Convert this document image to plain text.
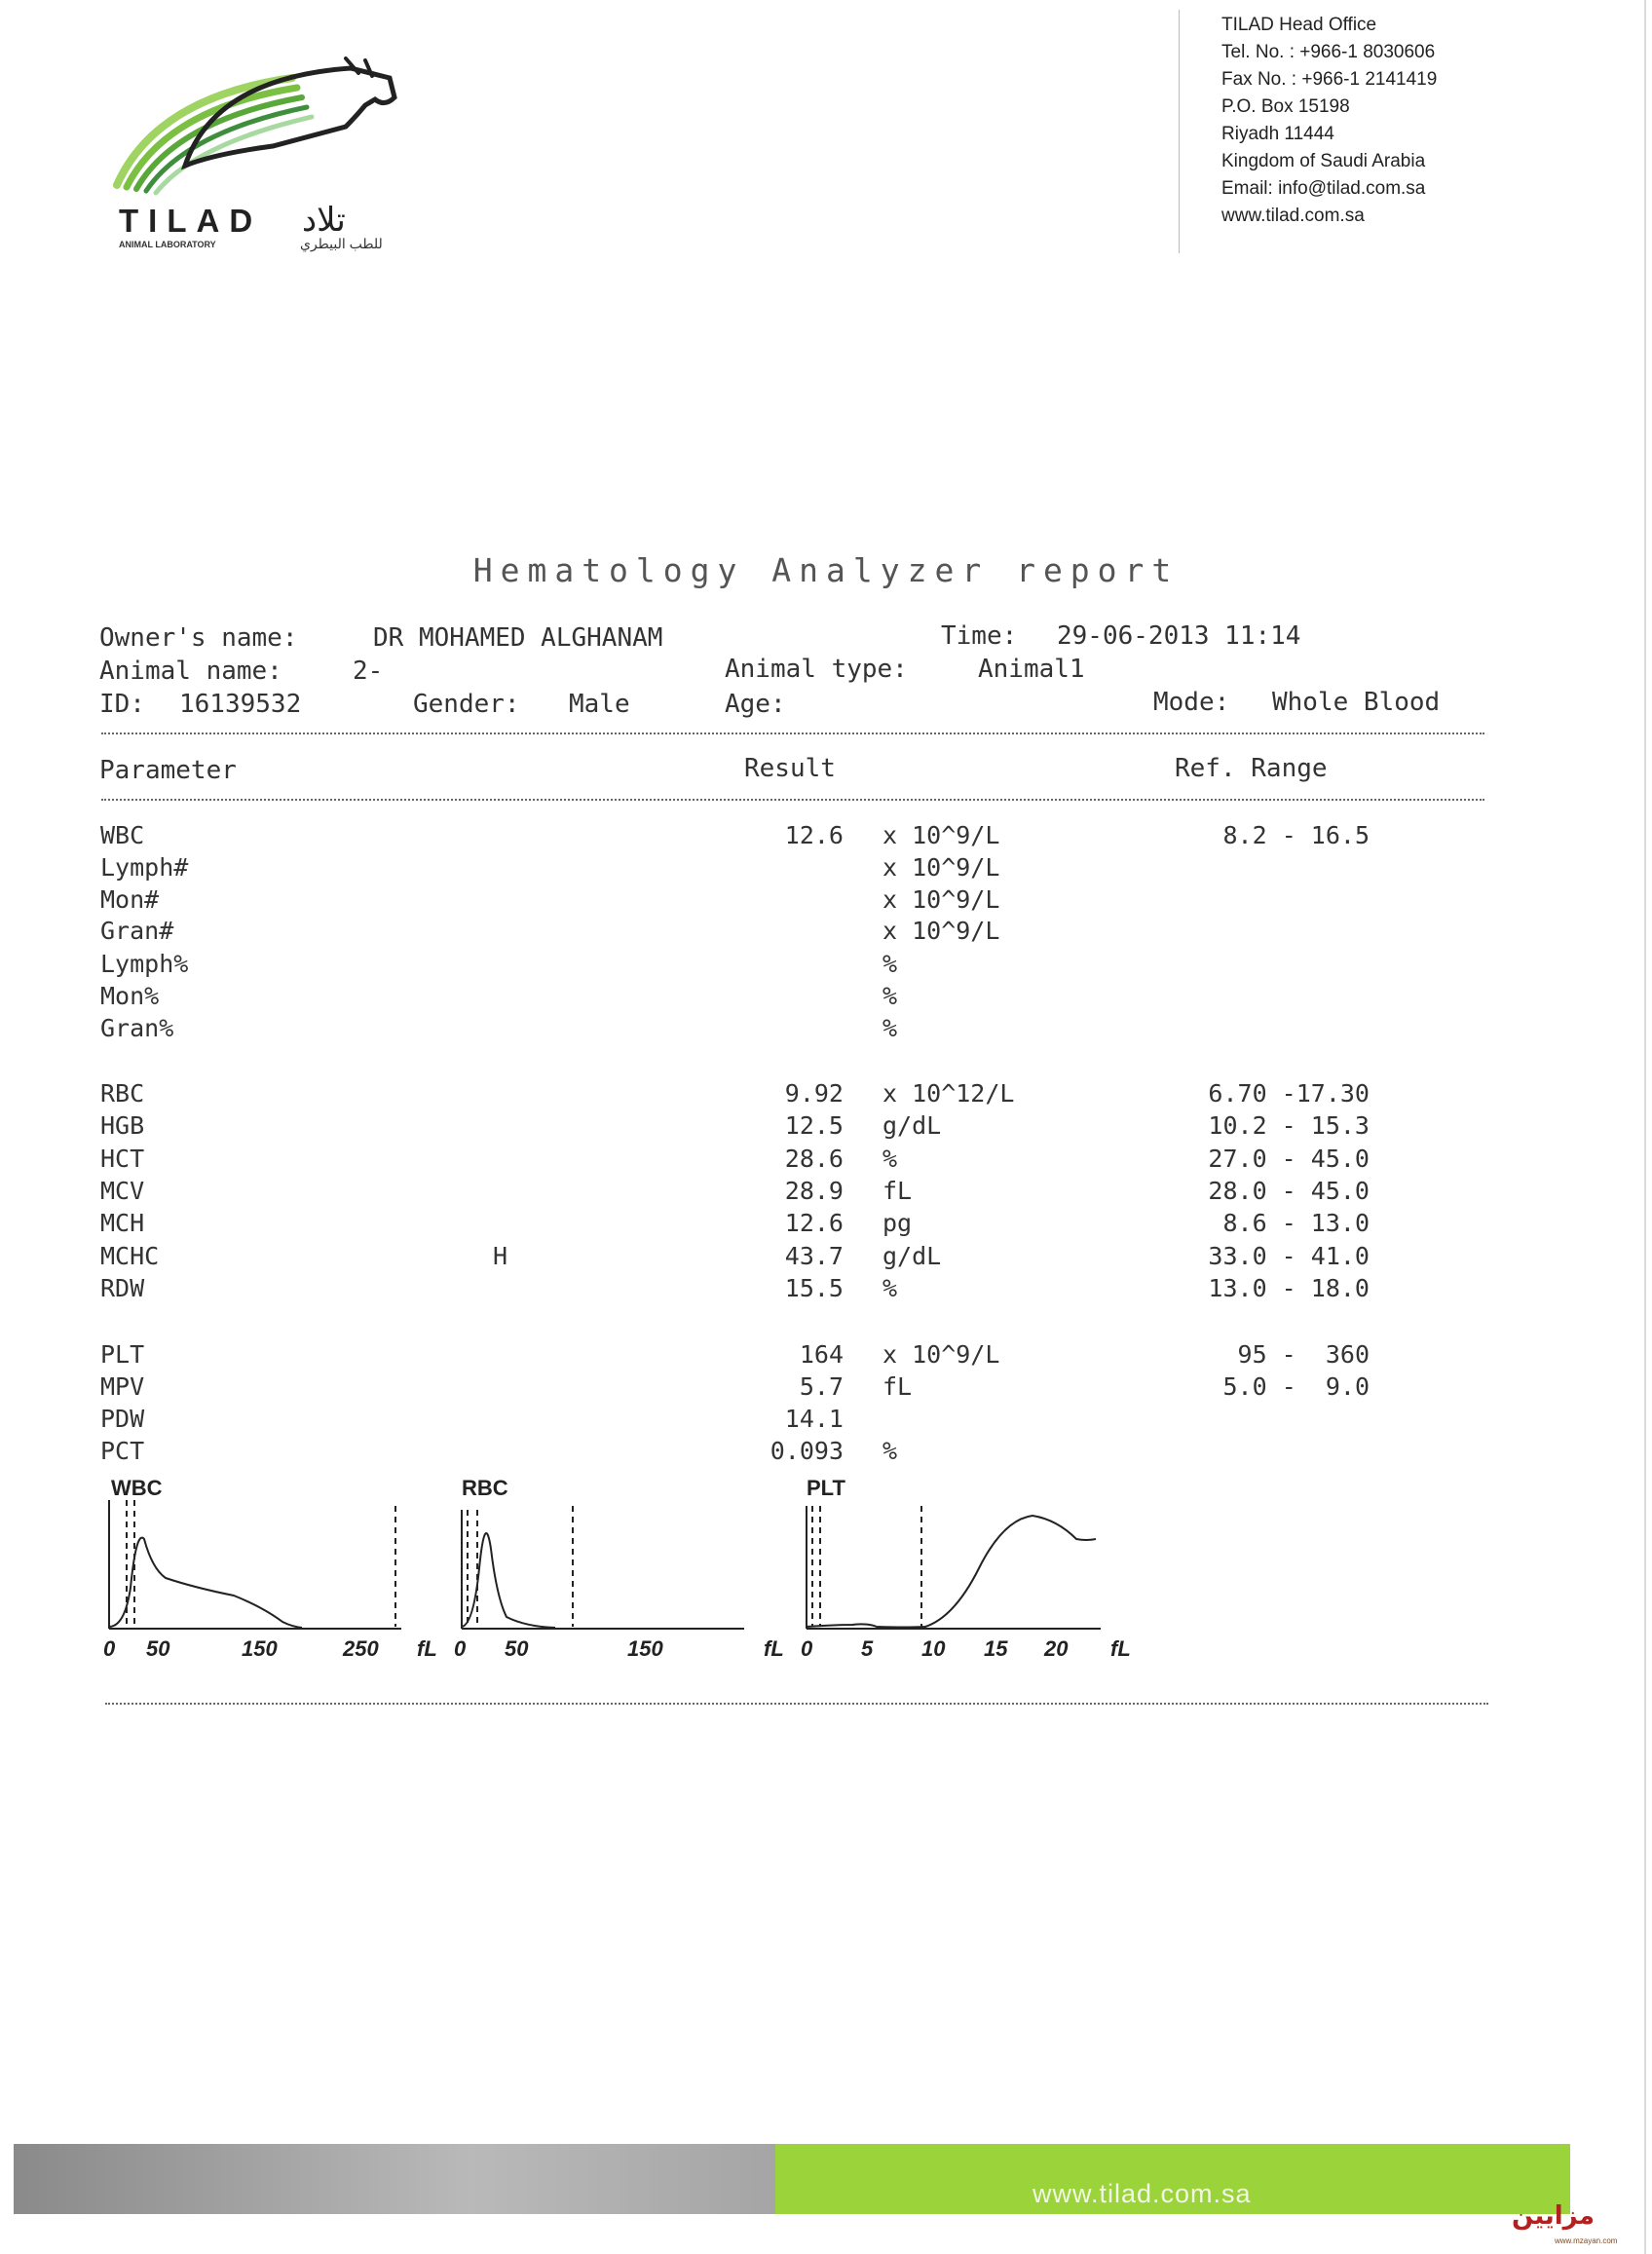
TILAD تلاد
ANIMAL LABORATORY	للطب البيطري
TILAD Head Office
Tel. No. : +966-1 8030606
Fax No. : +966-1 2141419
P.O. Box 15198
Riyadh 11444
Kingdom of Saudi Arabia
Email: info@tilad.com.sa
www.tilad.com.sa
Hematology Analyzer report
Owner's name:	DR MOHAMED ALGHANAM	Time: 29-06-2013 11:14
Animal name:	2-	Animal type:	Animal1
ID: 16139532	Gender: Male	Age:	Mode: Whole Blood
Parameter	Result	Ref. Range
WBC	12.6 x 10^9/L	8.2 - 16.5
Lymph#	x 10^9/L
Mon#	x 10^9/L
Gran#	x 10^9/L
Lymph%	%
Mon%	%
Gran%	%
RBC	9.92 x 10^12/L	6.70 -17.30
HGB	12.5 g/dL	10.2 - 15.3
HCT	28.6 %	27.0 - 45.0
MCV	28.9 fL	28.0 - 45.0
MCH	12.6 pg	8.6 - 13.0
MCHC	H	43.7 g/dL	33.0 - 41.0
RDW	15.5 %	13.0 - 18.0
PLT	164 x 10^9/L	95 -  360
MPV	5.7 fL	5.0 -  9.0
PDW	14.1
PCT	0.093 %
WBC	RBC	PLT
0 50	150	250 fL 0 50	150	fL 0 5 10 15 20 fL
www.tilad.com.sa
مزايين
www.mzayan.com
